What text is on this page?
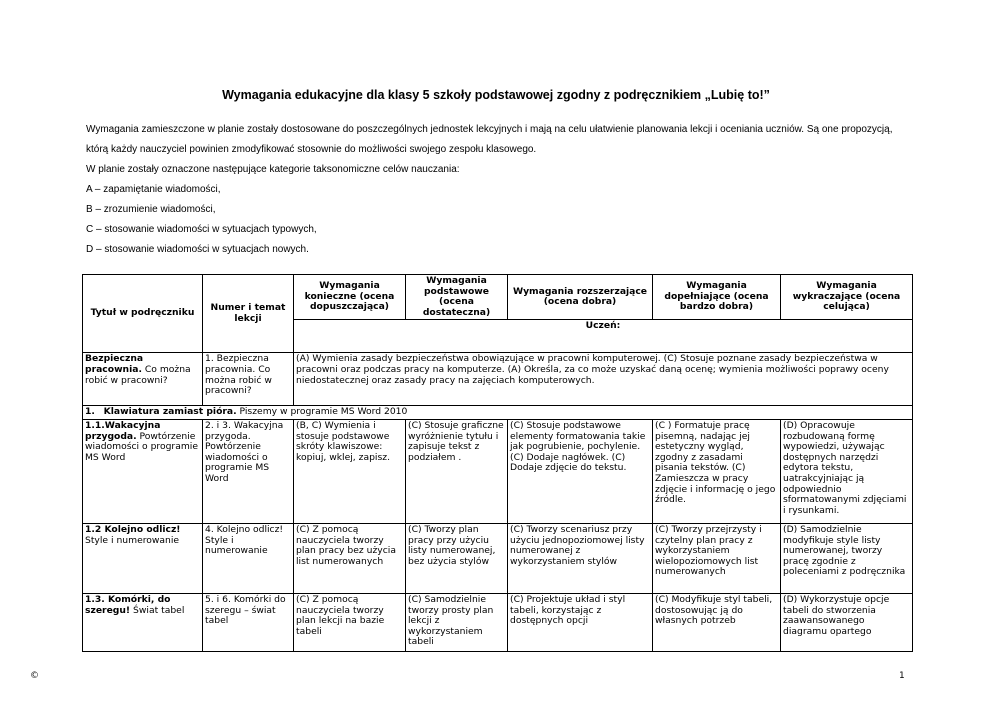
Wymagania edukacyjne dla klasy 5 szkoły podstawowej zgodny z podręcznikiem „Lubię to!”

Wymagania zamieszczone w planie zostały dostosowane do poszczególnych jednostek lekcyjnych i mają na celu ułatwienie planowania lekcji i oceniania uczniów. Są one propozycją, którą każdy nauczyciel powinien zmodyfikować stosownie do możliwości swojego zespołu klasowego.

W planie zostały oznaczone następujące kategorie taksonomiczne celów nauczania:

A – zapamiętanie wiadomości,

B – zrozumienie wiadomości,

C – stosowanie wiadomości w sytuacjach typowych,

D – stosowanie wiadomości w sytuacjach nowych.

Tytuł w podręczniku	Numer i temat lekcji	Wymagania konieczne (ocena dopuszczająca)	Wymagania podstawowe (ocena dostateczna)	Wymagania rozszerzające (ocena dobra)	Wymagania dopełniające (ocena bardzo dobra)	Wymagania wykraczające (ocena celująca)
		Uczeń:				
Bezpieczna pracownia. Co można robić w pracowni?	1. Bezpieczna pracownia. Co można robić w pracowni?	(A) Wymienia zasady bezpieczeństwa obowiązujące w pracowni komputerowej. (C) Stosuje poznane zasady bezpieczeństwa w pracowni oraz podczas pracy na komputerze. (A) Określa, za co może uzyskać daną ocenę; wymienia możliwości poprawy oceny niedostatecznej oraz zasady pracy na zajęciach komputerowych.				
1. Klawiatura zamiast pióra. Piszemy w programie MS Word 2010						
1.1.Wakacyjna przygoda. Powtórzenie wiadomości o programie MS Word	2. i 3. Wakacyjna przygoda. Powtórzenie wiadomości o programie MS Word	(B, C) Wymienia i stosuje podstawowe skróty klawiszowe: kopiuj, wklej, zapisz.	(C) Stosuje graficzne wyróżnienie tytułu i zapisuje tekst z podziałem .	(C) Stosuje podstawowe elementy formatowania takie jak pogrubienie, pochylenie. (C) Dodaje nagłówek. (C) Dodaje zdjęcie do tekstu.	(C ) Formatuje pracę pisemną, nadając jej estetyczny wygląd, zgodny z zasadami pisania tekstów. (C) Zamieszcza w pracy zdjęcie i informację o jego źródle.	(D) Opracowuje rozbudowaną formę wypowiedzi, używając dostępnych narzędzi edytora tekstu, uatrakcyjniając ją odpowiednio sformatowanymi zdjęciami i rysunkami.
1.2 Kolejno odlicz! Style i numerowanie	4. Kolejno odlicz! Style i numerowanie	(C) Z pomocą nauczyciela tworzy plan pracy bez użycia list numerowanych	(C) Tworzy plan pracy przy użyciu listy numerowanej, bez użycia stylów	(C) Tworzy scenariusz przy użyciu jednopoziomowej listy numerowanej z wykorzystaniem stylów	(C) Tworzy przejrzysty i czytelny plan pracy z wykorzystaniem wielopoziomowych list numerowanych	(D) Samodzielnie modyfikuje style listy numerowanej, tworzy pracę zgodnie z poleceniami z podręcznika
1.3. Komórki, do szeregu! Świat tabel	5. i 6. Komórki do szeregu – świat tabel	(C) Z pomocą nauczyciela tworzy plan lekcji na bazie tabeli	(C) Samodzielnie tworzy prosty plan lekcji z wykorzystaniem tabeli	(C) Projektuje układ i styl tabeli, korzystając z dostępnych opcji	(C) Modyfikuje styl tabeli, dostosowując ją do własnych potrzeb	(D) Wykorzystuje opcje tabeli do stworzenia zaawansowanego diagramu opartego
©	1
